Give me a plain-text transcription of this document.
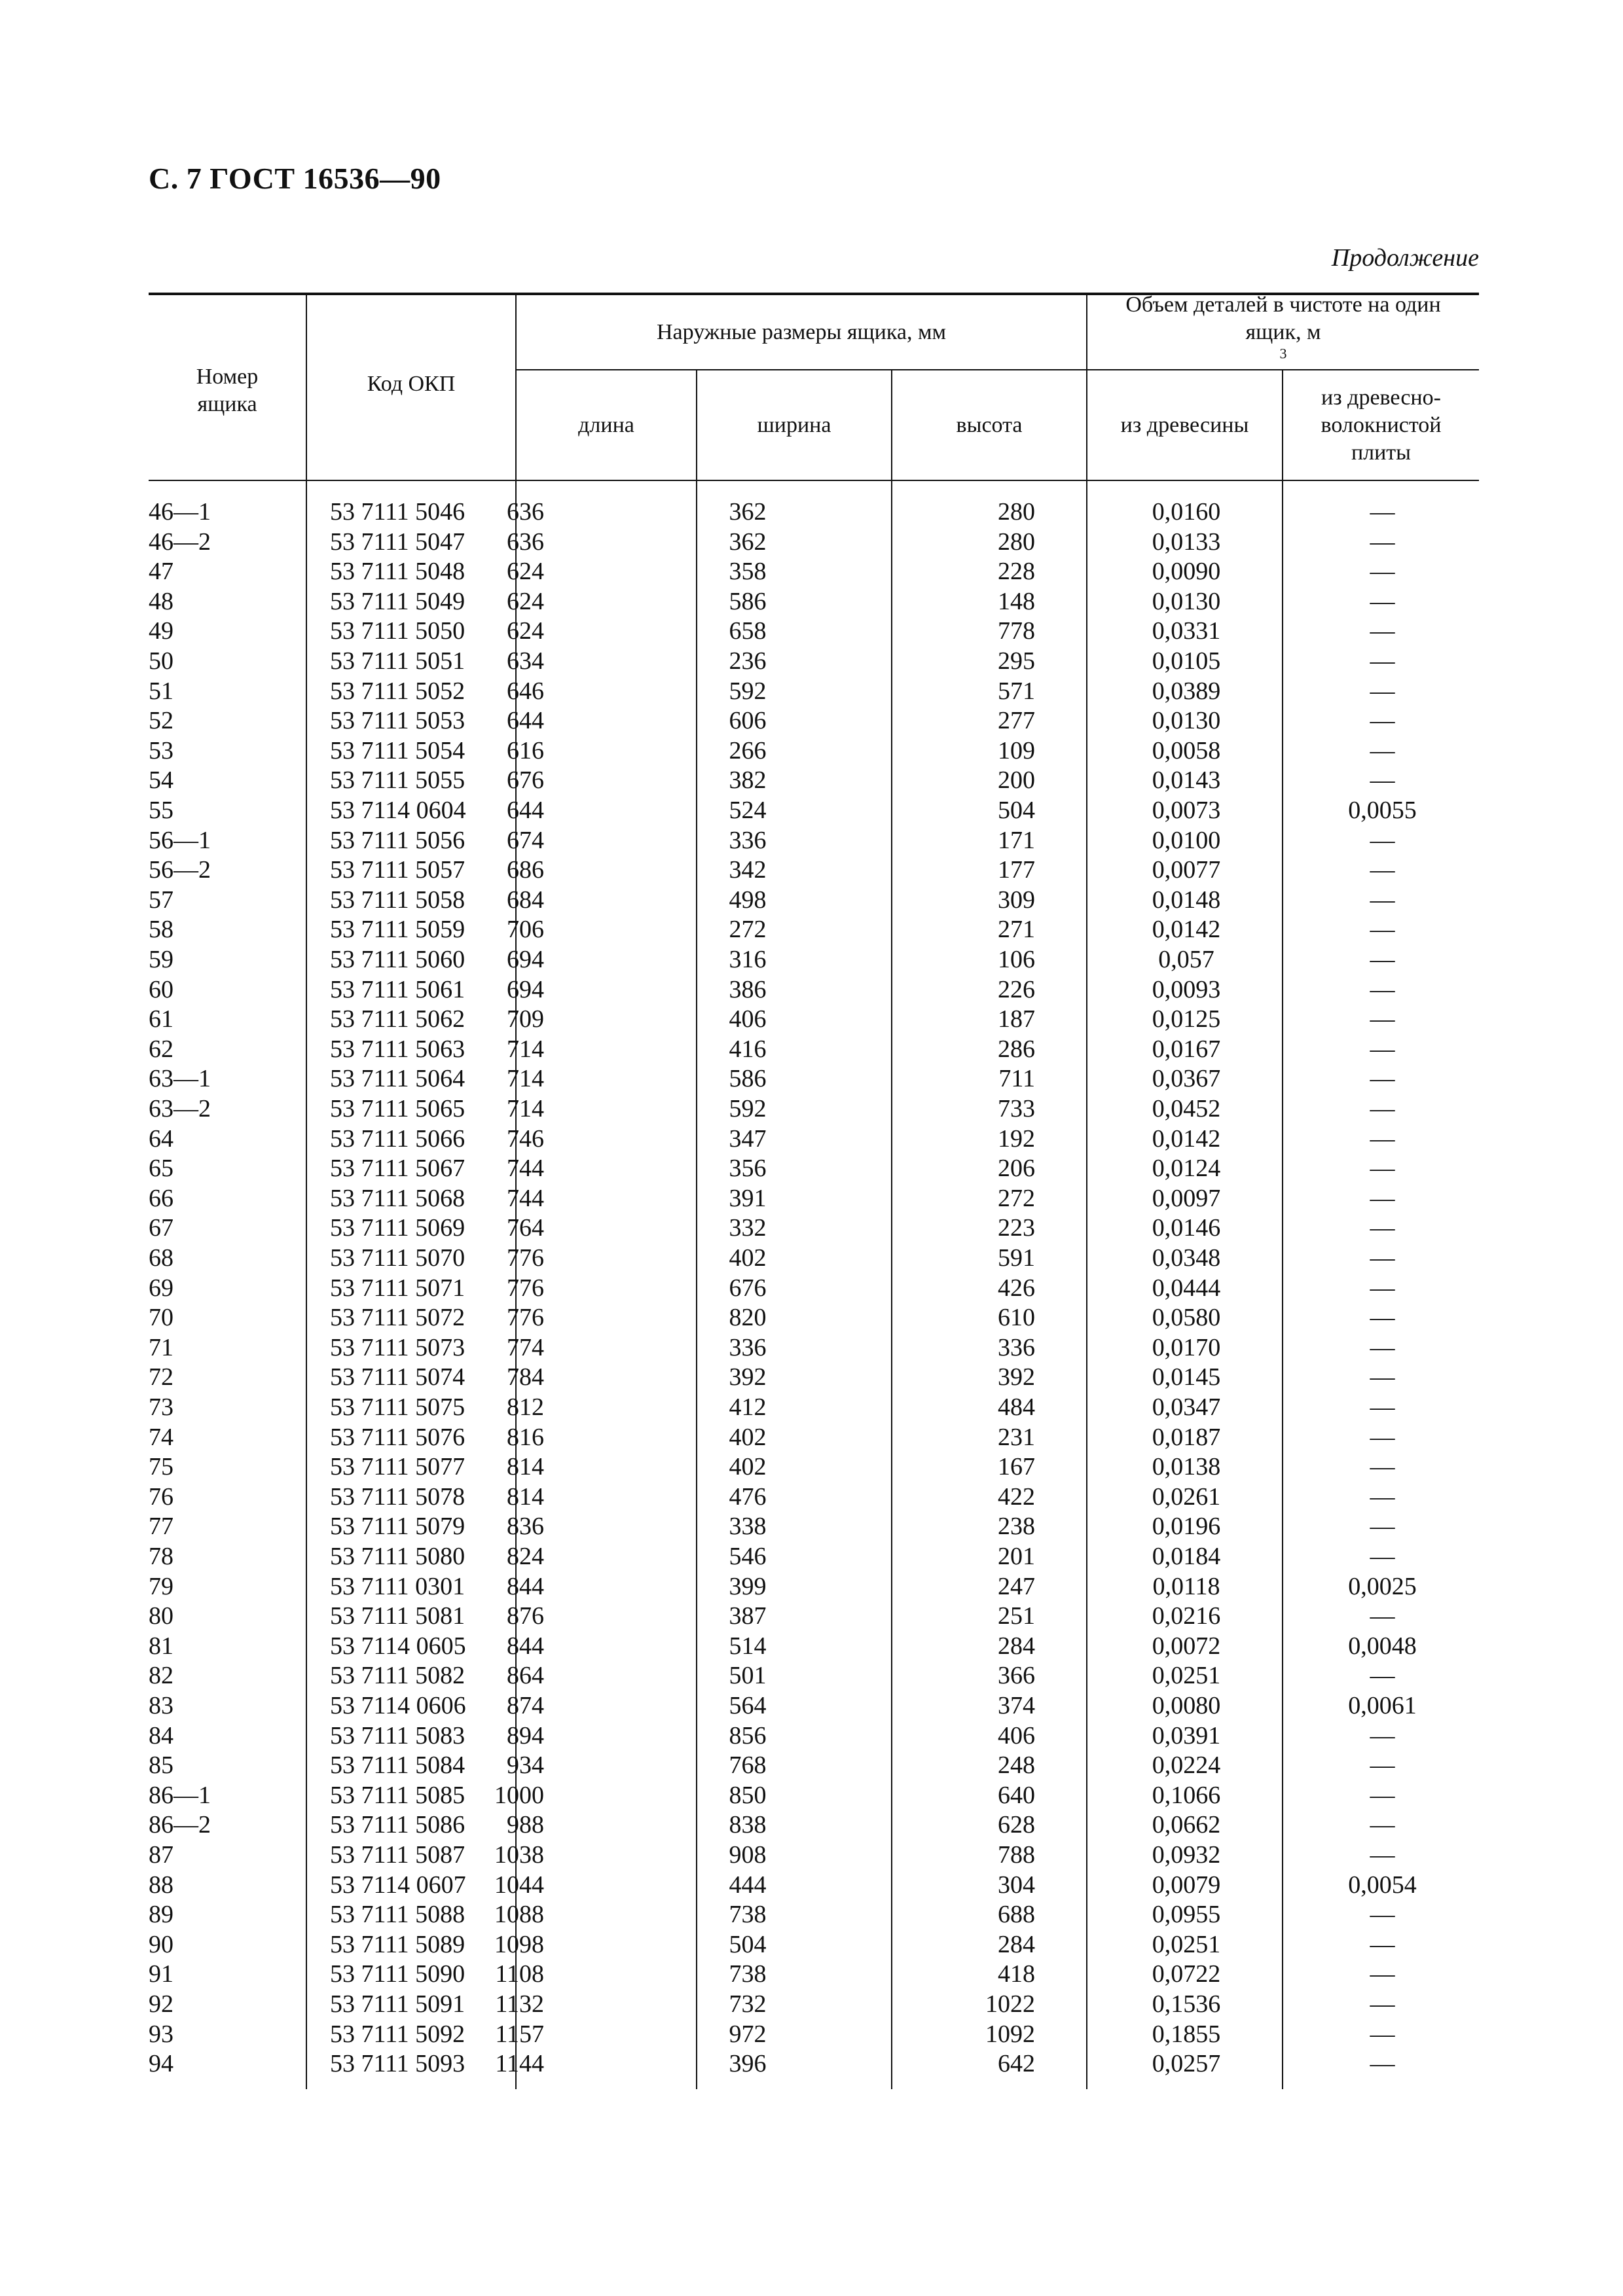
С. 7 ГОСТ 16536—90
Продолжение
Номер
ящика
Код ОКП
Наружные размеры ящика, мм
Объем деталей в чистоте на один
ящик, м
$^3$
длина	ширина	высота	из древесины
из древесно-
волокнистой
плиты
46—1	53 7111 5046 636	362	280	0,0160	—
46—2	53 7111 5047 636	362	280	0,0133	—
47	53 7111 5048 624	358	228	0,0090	—
48	53 7111 5049 624	586	148	0,0130	—
49	53 7111 5050 624	658	778	0,0331	—
50	53 7111 5051 634	236	295	0,0105	—
51	53 7111 5052 646	592	571	0,0389	—
52	53 7111 5053 644	606	277	0,0130	—
53	53 7111 5054 616	266	109	0,0058	—
54	53 7111 5055 676	382	200	0,0143	—
55	53 7114 0604 644	524	504	0,0073	0,0055
56—1	53 7111 5056 674	336	171	0,0100	—
56—2	53 7111 5057 686	342	177	0,0077	—
57	53 7111 5058 684	498	309	0,0148	—
58	53 7111 5059 706	272	271	0,0142	—
59	53 7111 5060 694	316	106	0,057	—
60	53 7111 5061 694	386	226	0,0093	—
61	53 7111 5062 709	406	187	0,0125	—
62	53 7111 5063 714	416	286	0,0167	—
63—1	53 7111 5064 714	586	711	0,0367	—
63—2	53 7111 5065 714	592	733	0,0452	—
64	53 7111 5066 746	347	192	0,0142	—
65	53 7111 5067 744	356	206	0,0124	—
66	53 7111 5068 744	391	272	0,0097	—
67	53 7111 5069 764	332	223	0,0146	—
68	53 7111 5070 776	402	591	0,0348	—
69	53 7111 5071 776	676	426	0,0444	—
70	53 7111 5072 776	820	610	0,0580	—
71	53 7111 5073 774	336	336	0,0170	—
72	53 7111 5074 784	392	392	0,0145	—
73	53 7111 5075 812	412	484	0,0347	—
74	53 7111 5076 816	402	231	0,0187	—
75	53 7111 5077 814	402	167	0,0138	—
76	53 7111 5078 814	476	422	0,0261	—
77	53 7111 5079 836	338	238	0,0196	—
78	53 7111 5080 824	546	201	0,0184	—
79	53 7111 0301 844	399	247	0,0118	0,0025
80	53 7111 5081 876	387	251	0,0216	—
81	53 7114 0605 844	514	284	0,0072	0,0048
82	53 7111 5082 864	501	366	0,0251	—
83	53 7114 0606 874	564	374	0,0080	0,0061
84	53 7111 5083 894	856	406	0,0391	—
85	53 7111 5084 934	768	248	0,0224	—
86—1	53 7111 5085 1000	850	640	0,1066	—
86—2	53 7111 5086 988	838	628	0,0662	—
87	53 7111 5087 1038	908	788	0,0932	—
88	53 7114 0607 1044	444	304	0,0079	0,0054
89	53 7111 5088 1088	738	688	0,0955	—
90	53 7111 5089 1098	504	284	0,0251	—
91	53 7111 5090 1108	738	418	0,0722	—
92	53 7111 5091 1132	732	1022	0,1536	—
93	53 7111 5092 1157	972	1092	0,1855	—
94	53 7111 5093 1144	396	642	0,0257	—
